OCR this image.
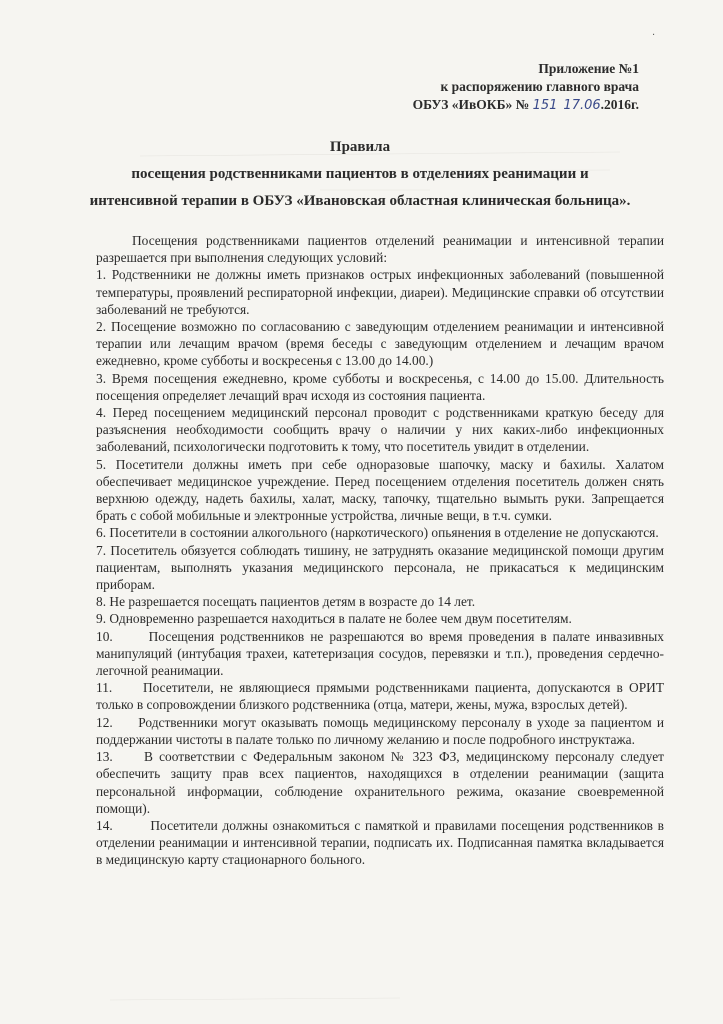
Приложение №1
к распоряжению главного врача
ОБУЗ «ИвОКБ» № 151 17.06.2016г.
Правила
посещения родственниками пациентов в отделениях реанимации и
интенсивной терапии в ОБУЗ «Ивановская областная клиническая больница».

Посещения родственниками пациентов отделений реанимации и интенсивной терапии разрешается при выполнения следующих условий:

1. Родственники не должны иметь признаков острых инфекционных заболеваний (повышенной температуры, проявлений респираторной инфекции, диареи). Медицинские справки об отсутствии заболеваний не требуются.

2. Посещение возможно по согласованию с заведующим отделением реанимации и интенсивной терапии или лечащим врачом (время беседы с заведующим отделением и лечащим врачом ежедневно, кроме субботы и воскресенья с 13.00 до 14.00.)

3. Время посещения ежедневно, кроме субботы и воскресенья, с 14.00 до 15.00. Длительность посещения определяет лечащий врач исходя из состояния пациента.

4. Перед посещением медицинский персонал проводит с родственниками краткую беседу для разъяснения необходимости сообщить врачу о наличии у них каких-либо инфекционных заболеваний, психологически подготовить к тому, что посетитель увидит в отделении.

5. Посетители должны иметь при себе одноразовые шапочку, маску и бахилы. Халатом обеспечивает медицинское учреждение. Перед посещением отделения посетитель должен снять верхнюю одежду, надеть бахилы, халат, маску, тапочку, тщательно вымыть руки. Запрещается брать с собой мобильные и электронные устройства, личные вещи, в т.ч. сумки.

6. Посетители в состоянии алкогольного (наркотического) опьянения в отделение не допускаются.

7. Посетитель обязуется соблюдать тишину, не затруднять оказание медицинской помощи другим пациентам, выполнять указания медицинского персонала, не прикасаться к медицинским приборам.

8. Не разрешается посещать пациентов детям в возрасте до 14 лет.

9. Одновременно разрешается находиться в палате не более чем двум посетителям.

10.	Посещения родственников не разрешаются во время проведения в палате инвазивных манипуляций (интубация трахеи, катетеризация сосудов, перевязки и т.п.), проведения сердечно-легочной реанимации.

11. Посетители, не являющиеся прямыми родственниками пациента, допускаются в ОРИТ только в сопровождении близкого родственника (отца, матери, жены, мужа, взрослых детей).

12. Родственники могут оказывать помощь медицинскому персоналу в уходе за пациентом и поддержании чистоты в палате только по личному желанию и после подробного инструктажа.

13. В соответствии с Федеральным законом № 323 ФЗ, медицинскому персоналу следует обеспечить защиту прав всех пациентов, находящихся в отделении реанимации (защита персональной информации, соблюдение охранительного режима, оказание своевременной помощи).

14.	Посетители должны ознакомиться с памяткой и правилами посещения родственников в отделении реанимации и интенсивной терапии, подписать их. Подписанная памятка вкладывается в медицинскую карту стационарного больного.

·
